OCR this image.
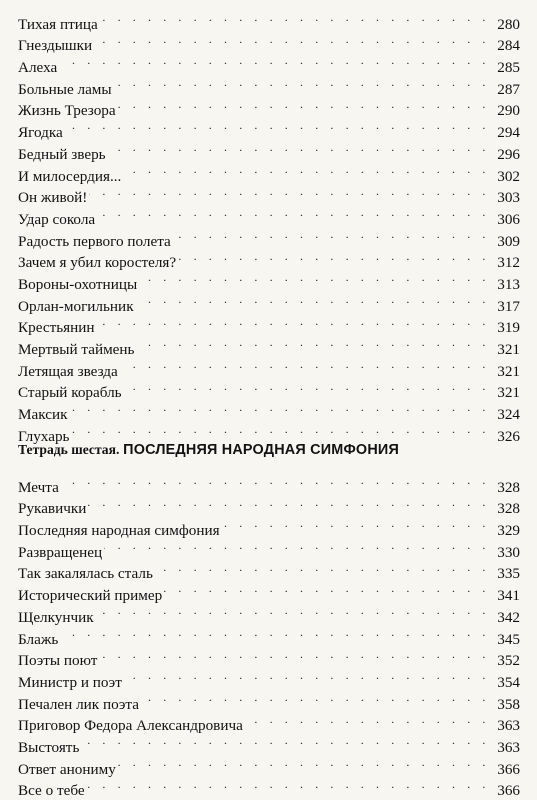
Тихая птица . . .	280
Гнездышки . . .	284
Алеха . . .	285
Больные ламы . . .	287
Жизнь Трезора . . .	290
Ягодка . . .	294
Бедный зверь . . .	296
И милосердия... . . .	302
Он живой! . . .	303
Удар сокола . . .	306
Радость первого полета . . .	309
Зачем я убил коростеля? . . .	312
Вороны-охотницы . . .	313
Орлан-могильник . . .	317
Крестьянин . . .	319
Мертвый таймень . . .	321
Летящая звезда . . .	321
Старый корабль . . .	321
Максик . . .	324
Глухарь . . .	326
Тетрадь шестая. ПОСЛЕДНЯЯ НАРОДНАЯ СИМФОНИЯ
Мечта . . .	328
Рукавички . . .	328
Последняя народная симфония . . .	329
Развращенец . . .	330
Так закалялась сталь . . .	335
Исторический пример . . .	341
Щелкунчик . . .	342
Блажь . . .	345
Поэты поют . . .	352
Министр и поэт . . .	354
Печален лик поэта . . .	358
Приговор Федора Александровича . . .	363
Выстоять . . .	363
Ответ анониму . . .	366
Все о тебе . . .	366
